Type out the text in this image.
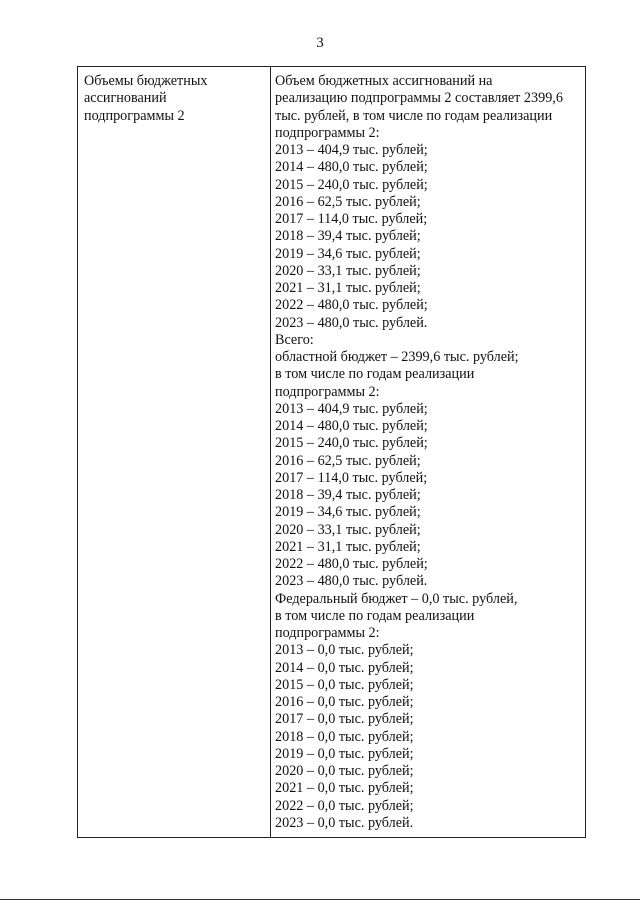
3
Объемы бюджетных
ассигнований
подпрограммы 2
Объем бюджетных ассигнований на
реализацию подпрограммы 2 составляет 2399,6
тыс. рублей, в том числе по годам реализации
подпрограммы 2:
2013 – 404,9 тыс. рублей;
2014 – 480,0 тыс. рублей;
2015 – 240,0 тыс. рублей;
2016 – 62,5 тыс. рублей;
2017 – 114,0 тыс. рублей;
2018 – 39,4 тыс. рублей;
2019 – 34,6 тыс. рублей;
2020 – 33,1 тыс. рублей;
2021 – 31,1 тыс. рублей;
2022 – 480,0 тыс. рублей;
2023 – 480,0 тыс. рублей.
Всего:
областной бюджет – 2399,6 тыс. рублей;
в том числе по годам реализации
подпрограммы 2:
2013 – 404,9 тыс. рублей;
2014 – 480,0 тыс. рублей;
2015 – 240,0 тыс. рублей;
2016 – 62,5 тыс. рублей;
2017 – 114,0 тыс. рублей;
2018 – 39,4 тыс. рублей;
2019 – 34,6 тыс. рублей;
2020 – 33,1 тыс. рублей;
2021 – 31,1 тыс. рублей;
2022 – 480,0 тыс. рублей;
2023 – 480,0 тыс. рублей.
Федеральный бюджет – 0,0 тыс. рублей,
в том числе по годам реализации
подпрограммы 2:
2013 – 0,0 тыс. рублей;
2014 – 0,0 тыс. рублей;
2015 – 0,0 тыс. рублей;
2016 – 0,0 тыс. рублей;
2017 – 0,0 тыс. рублей;
2018 – 0,0 тыс. рублей;
2019 – 0,0 тыс. рублей;
2020 – 0,0 тыс. рублей;
2021 – 0,0 тыс. рублей;
2022 – 0,0 тыс. рублей;
2023 – 0,0 тыс. рублей.
